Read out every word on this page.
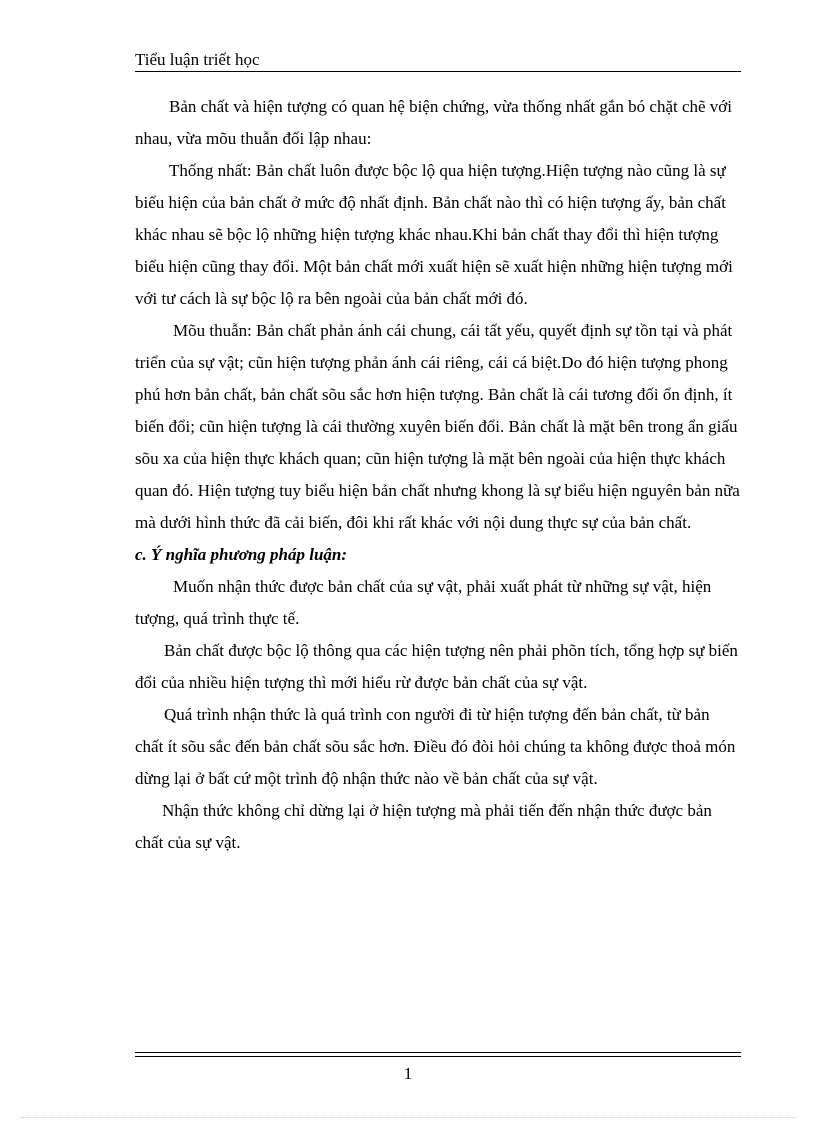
Tiểu luận triết học

Bản chất và hiện tượng có quan hệ biện chứng, vừa thống nhất gắn bó chặt chẽ với nhau, vừa mõu thuẫn đối lập nhau:

Thống nhất: Bản chất luôn được bộc lộ qua hiện tượng.Hiện tượng nào cũng là sự biểu hiện của bản chất ở mức độ nhất định. Bản chất nào thì có hiện tượng ấy, bản chất khác nhau sẽ bộc lộ những hiện tượng khác nhau.Khi bản chất thay đổi thì hiện tượng biểu hiện cũng thay đổi. Một bản chất mới xuất hiện sẽ xuất hiện những hiện tượng mới với tư cách là sự bộc lộ ra bên ngoài của bản chất mới đó.

Mõu thuẫn: Bản chất phản ánh cái chung, cái tất yếu, quyết định sự tồn tại và phát triển của sự vật; cũn hiện tượng phản ánh cái riêng, cái cá biệt.Do đó hiện tượng phong phú hơn bản chất, bản chất sõu sắc hơn hiện tượng. Bản chất là cái tương đối ổn định, ít biến đổi; cũn hiện tượng là cái thường xuyên biến đổi. Bản chất là mặt bên trong ẩn giấu sõu xa của hiện thực khách quan; cũn hiện tượng là mặt bên ngoài của hiện thực khách quan đó. Hiện tượng tuy biểu hiện bản chất nhưng khong là sự biểu hiện nguyên bản nữa mà dưới hình thức đã cải biến, đôi khi rất khác với nội dung thực sự của bản chất.

c. Ý nghĩa phương pháp luận:

Muốn nhận thức được bản chất của sự vật, phải xuất phát từ những sự vật, hiện tượng, quá trình thực tế.

Bản chất được bộc lộ thông qua các hiện tượng nên phải phõn tích, tổng hợp sự biến đổi của nhiều hiện tượng thì mới hiểu rừ được bản chất của sự vật.

Quá trình nhận thức là quá trình con người đi từ hiện tượng đến bản chất, từ bản chất ít sõu sắc đến bản chất sõu sắc hơn. Điều đó đòi hỏi chúng ta không được thoả món dừng lại ở bất cứ một trình độ nhận thức nào về bản chất của sự vật.

Nhận thức không chỉ dừng lại ở hiện tượng mà phải tiến đến nhận thức được bản chất của sự vật.

1
